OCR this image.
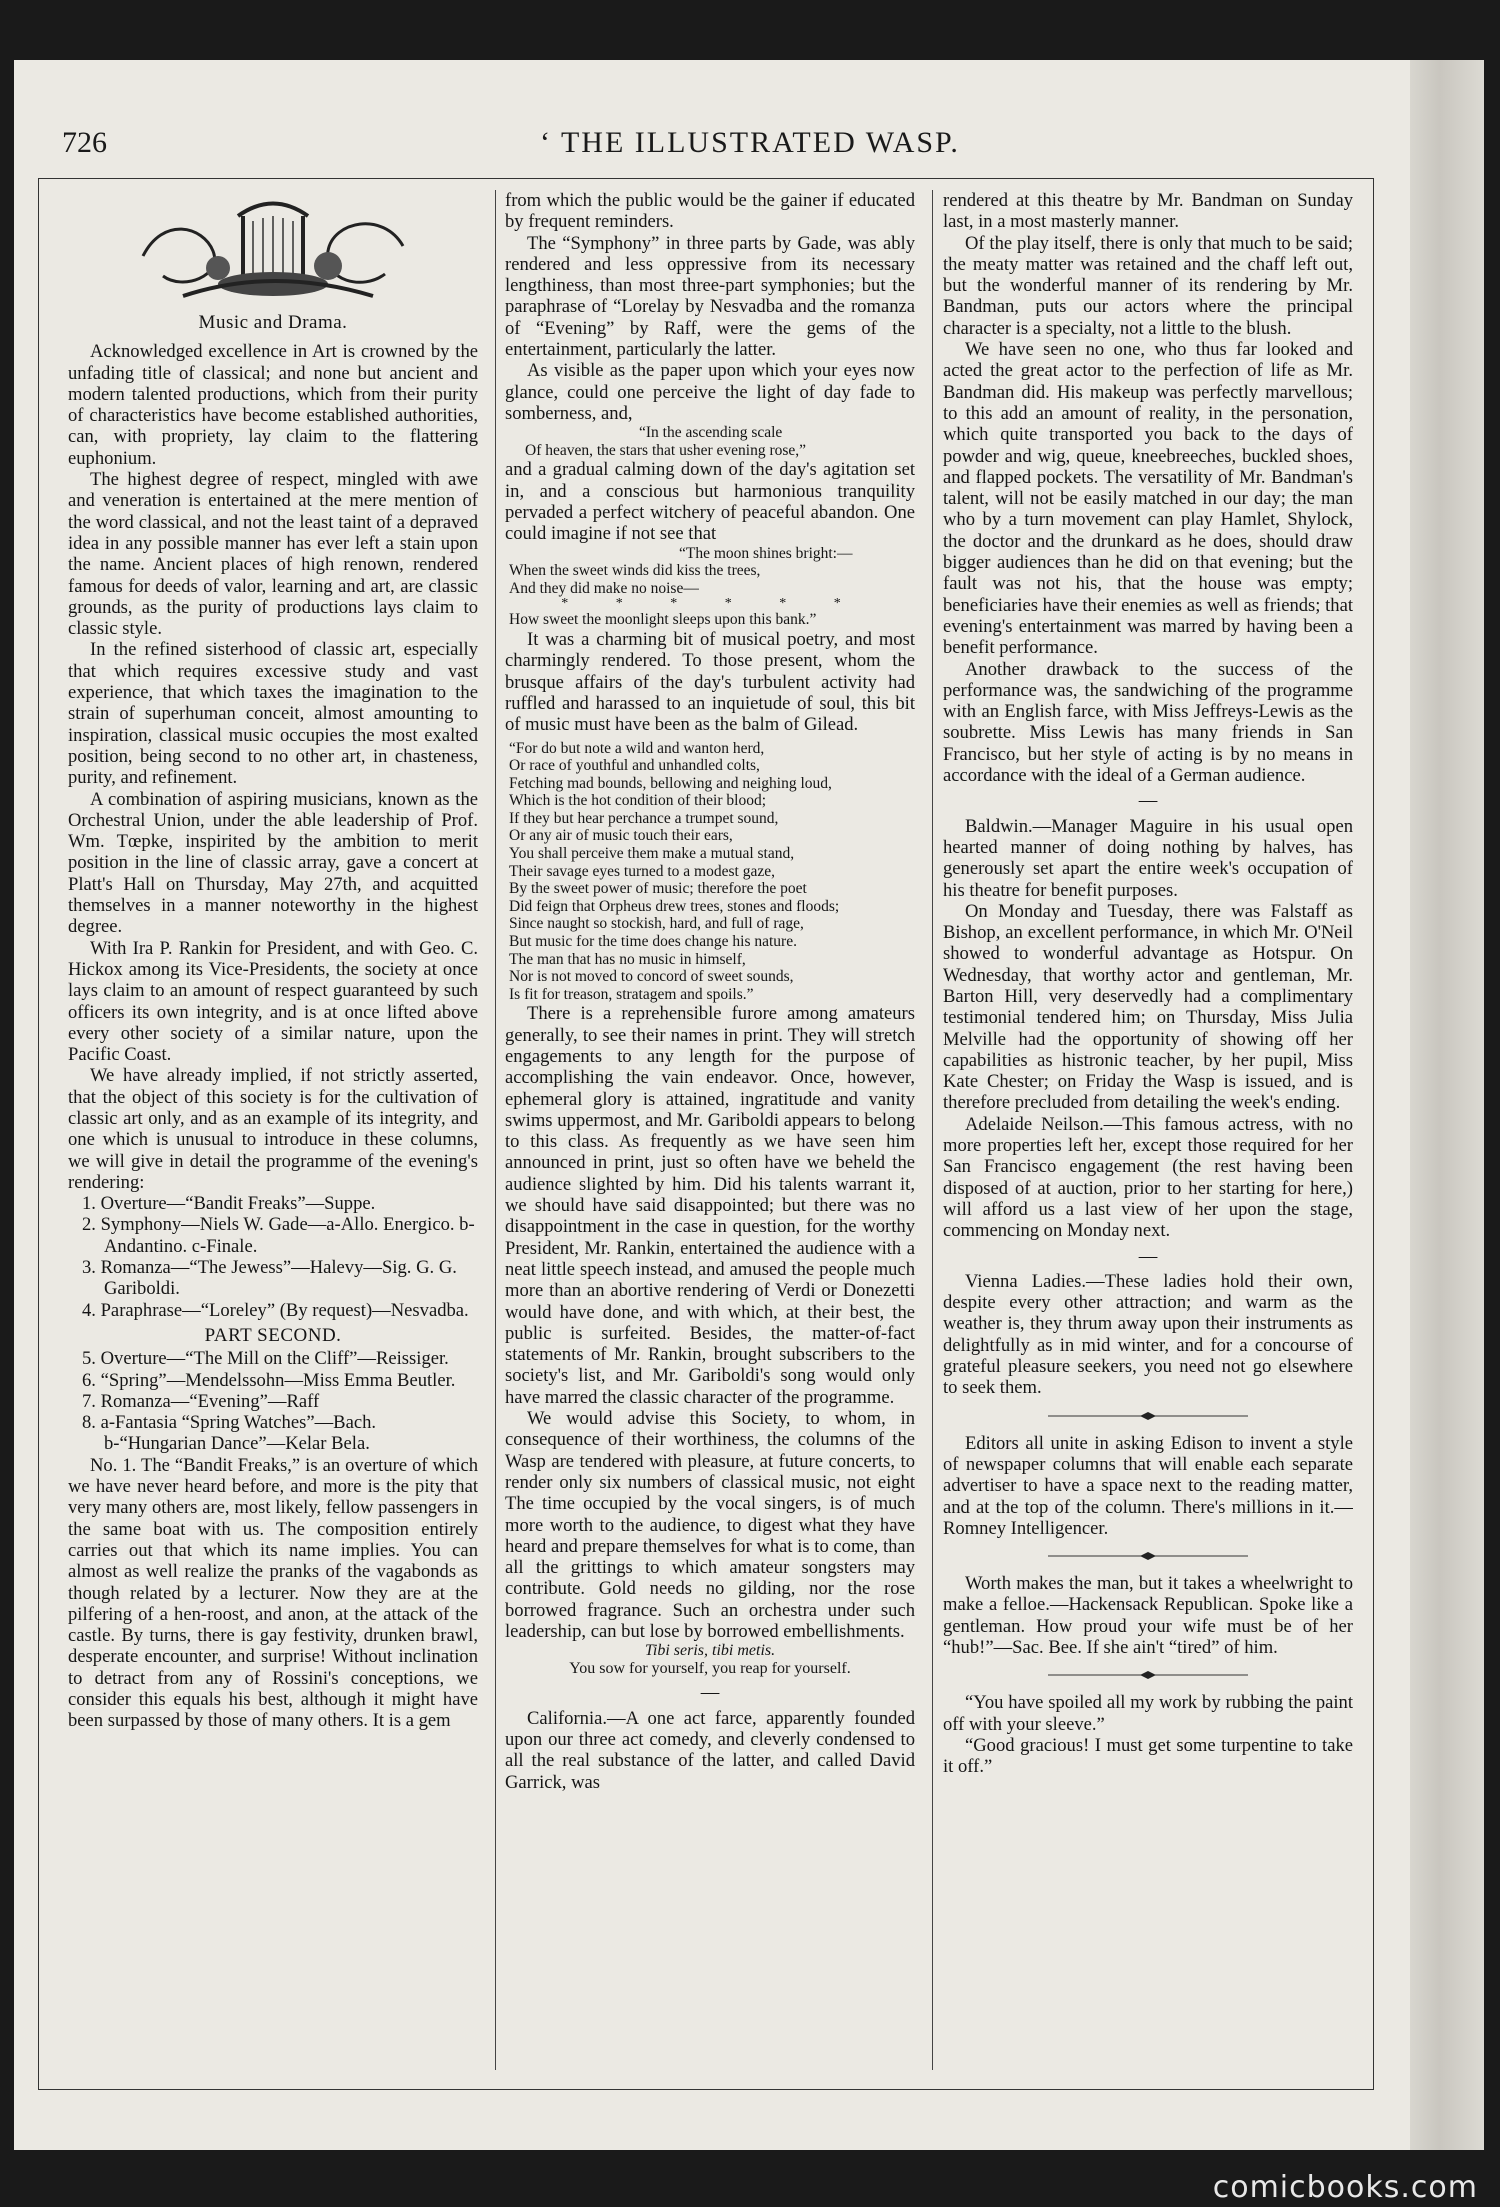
726	‘ THE ILLUSTRATED WASP.
Music and Drama.

Acknowledged excellence in Art is crowned by the unfading title of classical; and none but ancient and modern talented productions, which from their purity of characteristics have become established authorities, can, with propriety, lay claim to the flattering euphonium.

The highest degree of respect, mingled with awe and veneration is entertained at the mere mention of the word classical, and not the least taint of a depraved idea in any possible manner has ever left a stain upon the name. Ancient places of high renown, rendered famous for deeds of valor, learning and art, are classic grounds, as the purity of productions lays claim to classic style.

In the refined sisterhood of classic art, especially that which requires excessive study and vast experience, that which taxes the imagination to the strain of superhuman conceit, almost amounting to inspiration, classical music occupies the most exalted position, being second to no other art, in chasteness, purity, and refinement.

A combination of aspiring musicians, known as the Orchestral Union, under the able leadership of Prof. Wm. Tœpke, inspirited by the ambition to merit position in the line of classic array, gave a concert at Platt's Hall on Thursday, May 27th, and acquitted themselves in a manner noteworthy in the highest degree.

With Ira P. Rankin for President, and with Geo. C. Hickox among its Vice-Presidents, the society at once lays claim to an amount of respect guaranteed by such officers its own integrity, and is at once lifted above every other society of a similar nature, upon the Pacific Coast.

We have already implied, if not strictly asserted, that the object of this society is for the cultivation of classic art only, and as an example of its integrity, and one which is unusual to introduce in these columns, we will give in detail the programme of the evening's rendering:

1. Overture—“Bandit Freaks”—Suppe.
2. Symphony—Niels W. Gade—a-Allo. Energico. b-Andantino. c-Finale.
3. Romanza—“The Jewess”—Halevy—Sig. G. G. Gariboldi.
4. Paraphrase—“Loreley” (By request)—Nesvadba.
PART SECOND.
5. Overture—“The Mill on the Cliff”—Reissiger.
6. “Spring”—Mendelssohn—Miss Emma Beutler.
7. Romanza—“Evening”—Raff
8. a-Fantasia “Spring Watches”—Bach. b-“Hungarian Dance”—Kelar Bela.

No. 1. The “Bandit Freaks,” is an overture of which we have never heard before, and more is the pity that very many others are, most likely, fellow passengers in the same boat with us. The composition entirely carries out that which its name implies. You can almost as well realize the pranks of the vagabonds as though related by a lecturer. Now they are at the pilfering of a hen-roost, and anon, at the attack of the castle. By turns, there is gay festivity, drunken brawl, desperate encounter, and surprise! Without inclination to detract from any of Rossini's conceptions, we consider this equals his best, although it might have been surpassed by those of many others. It is a gem

from which the public would be the gainer if educated by frequent reminders.

The “Symphony” in three parts by Gade, was ably rendered and less oppressive from its necessary lengthiness, than most three-part symphonies; but the paraphrase of “Lorelay by Nesvadba and the romanza of “Evening” by Raff, were the gems of the entertainment, particularly the latter.

As visible as the paper upon which your eyes now glance, could one perceive the light of day fade to somberness, and,

“In the ascending scale
Of heaven, the stars that usher evening rose,”

and a gradual calming down of the day's agitation set in, and a conscious but harmonious tranquility pervaded a perfect witchery of peaceful abandon. One could imagine if not see that

“The moon shines bright:—
When the sweet winds did kiss the trees,
And they did make no noise—
* * * * * *
How sweet the moonlight sleeps upon this bank.”

It was a charming bit of musical poetry, and most charmingly rendered. To those present, whom the brusque affairs of the day's turbulent activity had ruffled and harassed to an inquietude of soul, this bit of music must have been as the balm of Gilead.

“For do but note a wild and wanton herd,
Or race of youthful and unhandled colts,
Fetching mad bounds, bellowing and neighing loud,
Which is the hot condition of their blood;
If they but hear perchance a trumpet sound,
Or any air of music touch their ears,
You shall perceive them make a mutual stand,
Their savage eyes turned to a modest gaze,
By the sweet power of music; therefore the poet
Did feign that Orpheus drew trees, stones and floods;
Since naught so stockish, hard, and full of rage,
But music for the time does change his nature.
The man that has no music in himself,
Nor is not moved to concord of sweet sounds,
Is fit for treason, stratagem and spoils.”

There is a reprehensible furore among amateurs generally, to see their names in print. They will stretch engagements to any length for the purpose of accomplishing the vain endeavor. Once, however, ephemeral glory is attained, ingratitude and vanity swims uppermost, and Mr. Gariboldi appears to belong to this class. As frequently as we have seen him announced in print, just so often have we beheld the audience slighted by him. Did his talents warrant it, we should have said disappointed; but there was no disappointment in the case in question, for the worthy President, Mr. Rankin, entertained the audience with a neat little speech instead, and amused the people much more than an abortive rendering of Verdi or Donezetti would have done, and with which, at their best, the public is surfeited. Besides, the matter-of-fact statements of Mr. Rankin, brought subscribers to the society's list, and Mr. Gariboldi's song would only have marred the classic character of the programme.

We would advise this Society, to whom, in consequence of their worthiness, the columns of the Wasp are tendered with pleasure, at future concerts, to render only six numbers of classical music, not eight The time occupied by the vocal singers, is of much more worth to the audience, to digest what they have heard and prepare themselves for what is to come, than all the grittings to which amateur songsters may contribute. Gold needs no gilding, nor the rose borrowed fragrance. Such an orchestra under such leadership, can but lose by borrowed embellishments.

Tibi seris, tibi metis.
You sow for yourself, you reap for yourself.
—

California.—A one act farce, apparently founded upon our three act comedy, and cleverly condensed to all the real substance of the latter, and called David Garrick, was

rendered at this theatre by Mr. Bandman on Sunday last, in a most masterly manner.

Of the play itself, there is only that much to be said; the meaty matter was retained and the chaff left out, but the wonderful manner of its rendering by Mr. Bandman, puts our actors where the principal character is a specialty, not a little to the blush.

We have seen no one, who thus far looked and acted the great actor to the perfection of life as Mr. Bandman did. His makeup was perfectly marvellous; to this add an amount of reality, in the personation, which quite transported you back to the days of powder and wig, queue, kneebreeches, buckled shoes, and flapped pockets. The versatility of Mr. Bandman's talent, will not be easily matched in our day; the man who by a turn movement can play Hamlet, Shylock, the doctor and the drunkard as he does, should draw bigger audiences than he did on that evening; but the fault was not his, that the house was empty; beneficiaries have their enemies as well as friends; that evening's entertainment was marred by having been a benefit performance.

Another drawback to the success of the performance was, the sandwiching of the programme with an English farce, with Miss Jeffreys-Lewis as the soubrette. Miss Lewis has many friends in San Francisco, but her style of acting is by no means in accordance with the ideal of a German audience.

—

Baldwin.—Manager Maguire in his usual open hearted manner of doing nothing by halves, has generously set apart the entire week's occupation of his theatre for benefit purposes.

On Monday and Tuesday, there was Falstaff as Bishop, an excellent performance, in which Mr. O'Neil showed to wonderful advantage as Hotspur. On Wednesday, that worthy actor and gentleman, Mr. Barton Hill, very deservedly had a complimentary testimonial tendered him; on Thursday, Miss Julia Melville had the opportunity of showing off her capabilities as histronic teacher, by her pupil, Miss Kate Chester; on Friday the Wasp is issued, and is therefore precluded from detailing the week's ending.

Adelaide Neilson.—This famous actress, with no more properties left her, except those required for her San Francisco engagement (the rest having been disposed of at auction, prior to her starting for here,) will afford us a last view of her upon the stage, commencing on Monday next.

—

Vienna Ladies.—These ladies hold their own, despite every other attraction; and warm as the weather is, they thrum away upon their instruments as delightfully as in mid winter, and for a concourse of grateful pleasure seekers, you need not go elsewhere to seek them.

Editors all unite in asking Edison to invent a style of newspaper columns that will enable each separate advertiser to have a space next to the reading matter, and at the top of the column. There's millions in it.—Romney Intelligencer.

Worth makes the man, but it takes a wheelwright to make a felloe.—Hackensack Republican. Spoke like a gentleman. How proud your wife must be of her “hub!”—Sac. Bee. If she ain't “tired” of him.

“You have spoiled all my work by rubbing the paint off with your sleeve.”

“Good gracious! I must get some turpentine to take it off.”

comicbooks.com
